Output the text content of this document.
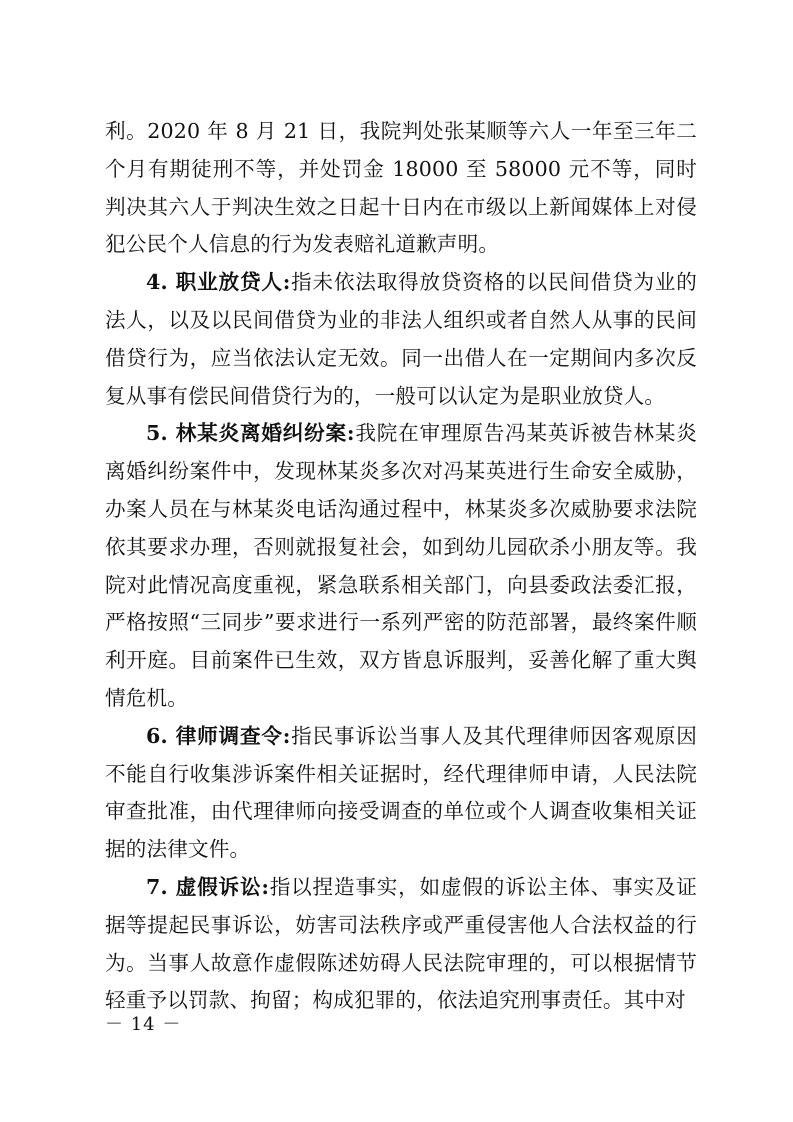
利。2020 年 8 月 21 日，我院判处张某顺等六人一年至三年二个月有期徒刑不等，并处罚金 18000 至 58000 元不等，同时判决其六人于判决生效之日起十日内在市级以上新闻媒体上对侵犯公民个人信息的行为发表赔礼道歉声明。

4. 职业放贷人:指未依法取得放贷资格的以民间借贷为业的法人，以及以民间借贷为业的非法人组织或者自然人从事的民间借贷行为，应当依法认定无效。同一出借人在一定期间内多次反复从事有偿民间借贷行为的，一般可以认定为是职业放贷人。

5. 林某炎离婚纠纷案:我院在审理原告冯某英诉被告林某炎离婚纠纷案件中，发现林某炎多次对冯某英进行生命安全威胁，办案人员在与林某炎电话沟通过程中，林某炎多次威胁要求法院依其要求办理，否则就报复社会，如到幼儿园砍杀小朋友等。我院对此情况高度重视，紧急联系相关部门，向县委政法委汇报，严格按照“三同步”要求进行一系列严密的防范部署，最终案件顺利开庭。目前案件已生效，双方皆息诉服判，妥善化解了重大舆情危机。

6. 律师调查令:指民事诉讼当事人及其代理律师因客观原因不能自行收集涉诉案件相关证据时，经代理律师申请，人民法院审查批准，由代理律师向接受调查的单位或个人调查收集相关证据的法律文件。

7. 虚假诉讼:指以捏造事实，如虚假的诉讼主体、事实及证据等提起民事诉讼，妨害司法秩序或严重侵害他人合法权益的行为。当事人故意作虚假陈述妨碍人民法院审理的，可以根据情节轻重予以罚款、拘留；构成犯罪的，依法追究刑事责任。其中对

－ 14 －
